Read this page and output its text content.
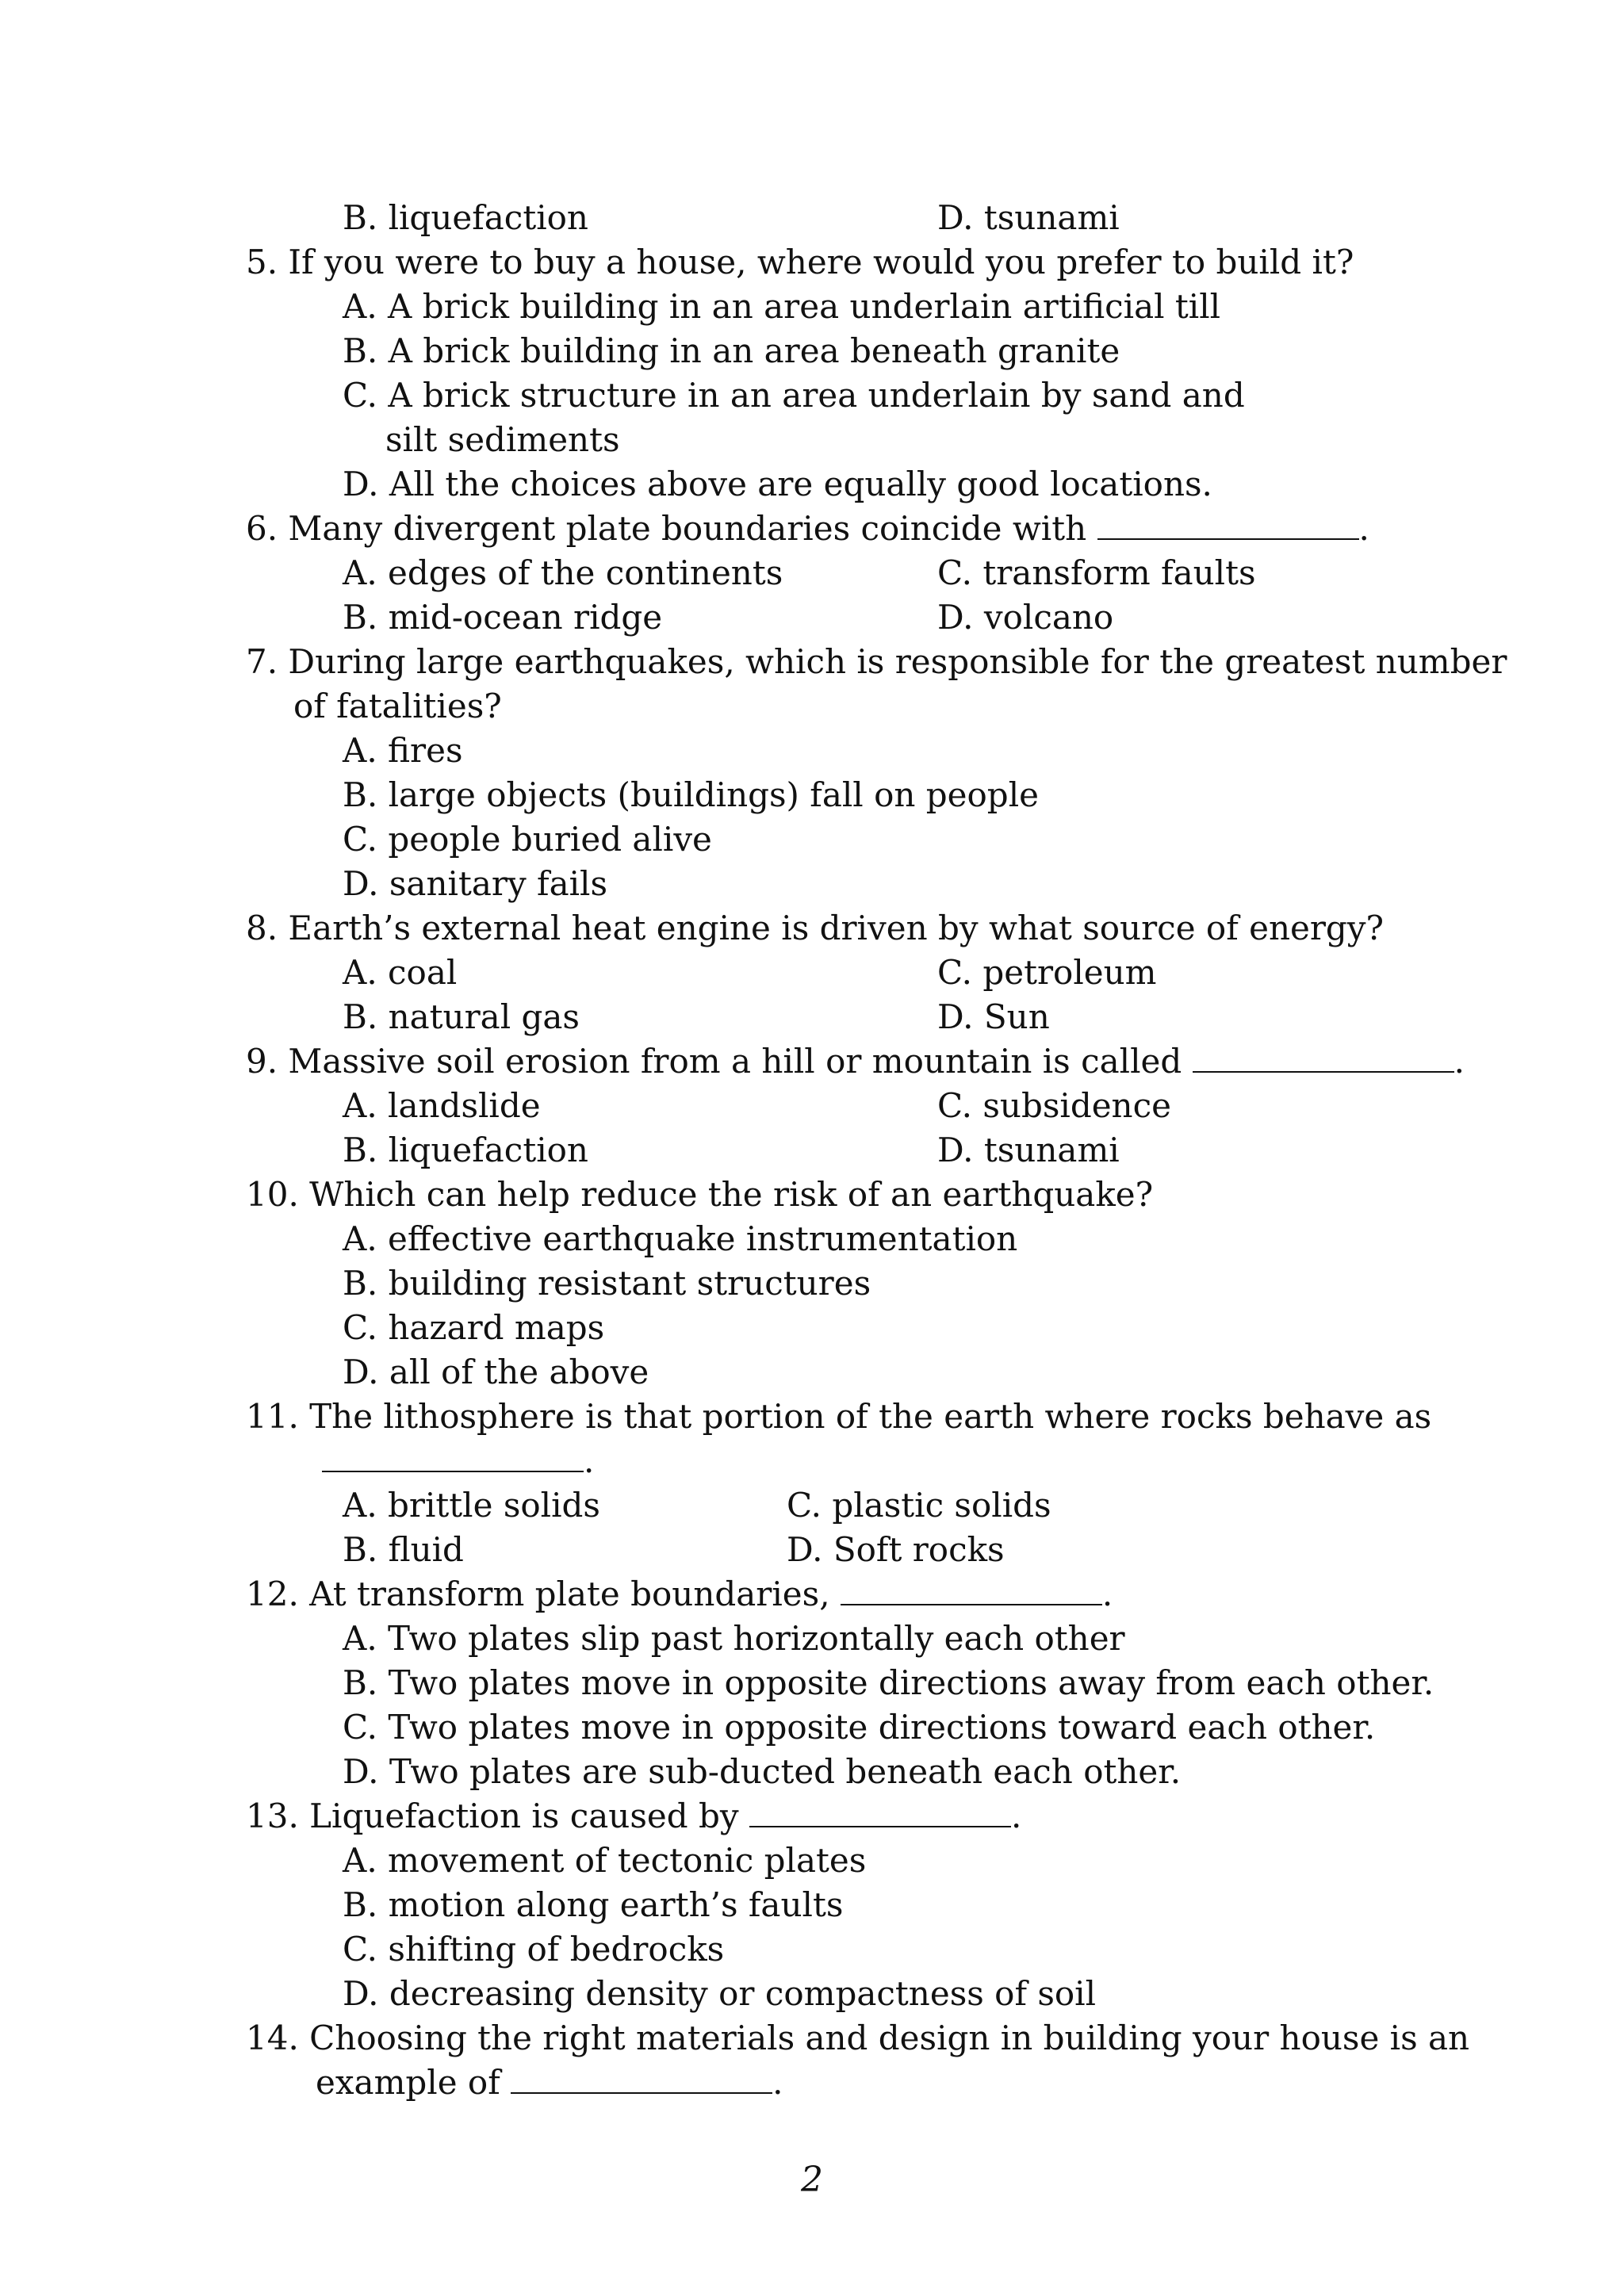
B. liquefaction	D. tsunami
5. If you were to buy a house, where would you prefer to build it?
A. A brick building in an area underlain artificial till
B. A brick building in an area beneath granite
C. A brick structure in an area underlain by sand and
silt sediments
D. All the choices above are equally good locations.
6. Many divergent plate boundaries coincide with	.
A. edges of the continents	C. transform faults
B. mid-ocean ridge	D. volcano
7. During large earthquakes, which is responsible for the greatest number
of fatalities?
A. fires
B. large objects (buildings) fall on people
C. people buried alive
D. sanitary fails
8. Earth’s external heat engine is driven by what source of energy?
A. coal	C. petroleum
B. natural gas	D. Sun
9. Massive soil erosion from a hill or mountain is called	.
A. landslide	C. subsidence
B. liquefaction	D. tsunami
10. Which can help reduce the risk of an earthquake?
A. effective earthquake instrumentation
B. building resistant structures
C. hazard maps
D. all of the above
11. The lithosphere is that portion of the earth where rocks behave as
.
A. brittle solids	C. plastic solids
B. fluid	D. Soft rocks
12. At transform plate boundaries,	.
A. Two plates slip past horizontally each other
B. Two plates move in opposite directions away from each other.
C. Two plates move in opposite directions toward each other.
D. Two plates are sub-ducted beneath each other.
13. Liquefaction is caused by	.
A. movement of tectonic plates
B. motion along earth’s faults
C. shifting of bedrocks
D. decreasing density or compactness of soil
14. Choosing the right materials and design in building your house is an
example of	.
2
